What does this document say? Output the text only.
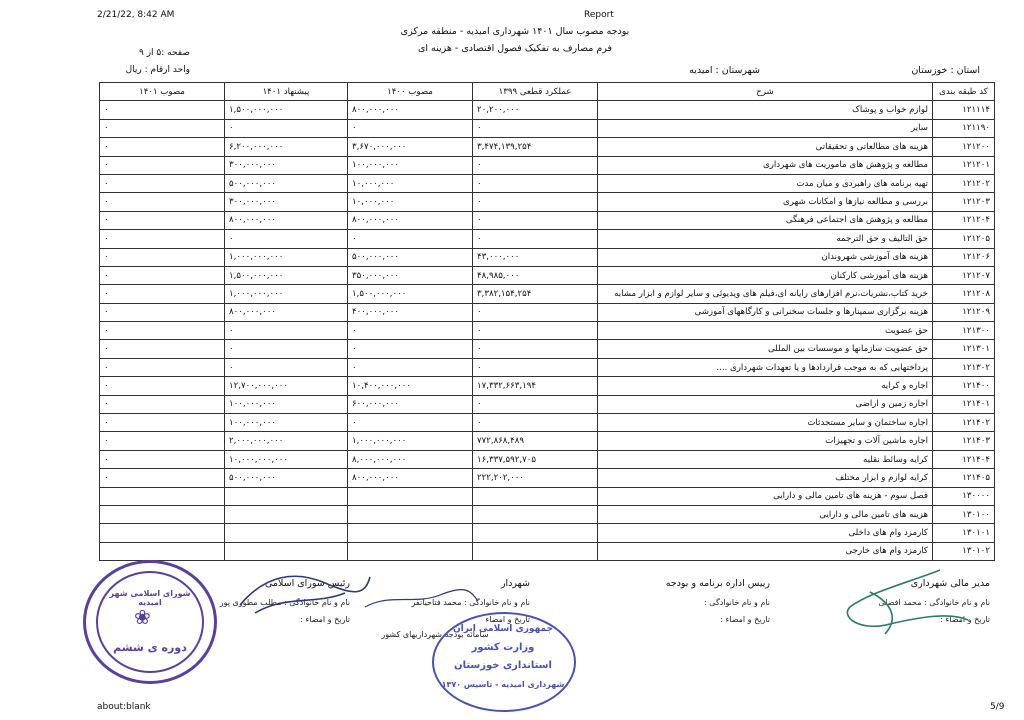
2/21/22, 8:42 AM	Report
بودجه مصوب سال ۱۴۰۱ شهرداری امیدیه - منطقه مرکزی
فرم مصارف به تفکیک فصول اقتصادی - هزینه ای
صفحه :۵ از ۹
واحد ارقام : ریال	استان : خوزستان
شهرستان : امیدیه
کد طبقه بندی	شرح	عملکرد قطعی ۱۳۹۹	مصوب ۱۴۰۰	پیشنهاد ۱۴۰۱	مصوب ۱۴۰۱
۱۲۱۱۱۴	لوازم خواب و پوشاک	۲۰,۲۰۰,۰۰۰	۸۰۰,۰۰۰,۰۰۰	۱,۵۰۰,۰۰۰,۰۰۰	۰
۱۲۱۱۹۰	سایر	۰	۰	۰	۰
۱۲۱۲۰۰	هزینه های مطالعاتی و تحقیقاتی	۳,۴۷۴,۱۳۹,۲۵۴	۳,۶۷۰,۰۰۰,۰۰۰	۶,۲۰۰,۰۰۰,۰۰۰	۰
۱۲۱۲۰۱	مطالعه و پژوهش های ماموریت های شهرداری	۰	۱۰۰,۰۰۰,۰۰۰	۳۰۰,۰۰۰,۰۰۰	۰
۱۲۱۲۰۲	تهیه برنامه های راهبردی و میان مدت	۰	۱۰,۰۰۰,۰۰۰	۵۰۰,۰۰۰,۰۰۰	۰
۱۲۱۲۰۳	بررسی و مطالعه نیازها و امکانات شهری	۰	۱۰,۰۰۰,۰۰۰	۳۰۰,۰۰۰,۰۰۰	۰
۱۲۱۲۰۴	مطالعه و پژوهش های اجتماعی فرهنگی	۰	۸۰۰,۰۰۰,۰۰۰	۸۰۰,۰۰۰,۰۰۰	۰
۱۲۱۲۰۵	حق التالیف و حق الترجمه	۰	۰	۰	۰
۱۲۱۲۰۶	هزینه های آموزشی شهروندان	۴۳,۰۰۰,۰۰۰	۵۰۰,۰۰۰,۰۰۰	۱,۰۰۰,۰۰۰,۰۰۰	۰
۱۲۱۲۰۷	هزینه های آموزشی کارکنان	۴۸,۹۸۵,۰۰۰	۳۵۰,۰۰۰,۰۰۰	۱,۵۰۰,۰۰۰,۰۰۰	۰
۱۲۱۲۰۸	خرید کتاب،نشریات،نرم افزارهای رایانه ای،فیلم های ویدیوئی و سایر لوازم و ابزار مشابه	۳,۳۸۲,۱۵۴,۲۵۴	۱,۵۰۰,۰۰۰,۰۰۰	۱,۰۰۰,۰۰۰,۰۰۰	۰
۱۲۱۲۰۹	هزینه برگزاری سمینارها و جلسات سخنرانی و کارگاههای آموزشی	۰	۴۰۰,۰۰۰,۰۰۰	۸۰۰,۰۰۰,۰۰۰	۰
۱۲۱۳۰۰	حق عضویت	۰	۰	۰	۰
۱۲۱۳۰۱	حق عضویت سازمانها و موسسات بین المللی	۰	۰	۰	۰
۱۲۱۳۰۲	پرداختهایی که به موجب قراردادها و یا تعهدات شهرداری ....	۰	۰	۰	۰
۱۲۱۴۰۰	اجاره و کرایه	۱۷,۳۳۲,۶۶۳,۱۹۴	۱۰,۴۰۰,۰۰۰,۰۰۰	۱۲,۷۰۰,۰۰۰,۰۰۰	۰
۱۲۱۴۰۱	اجاره زمین و اراضی	۰	۶۰۰,۰۰۰,۰۰۰	۱۰۰,۰۰۰,۰۰۰	۰
۱۲۱۴۰۲	اجاره ساختمان و سایر مستحدثات	۰	۰	۱۰۰,۰۰۰,۰۰۰	۰
۱۲۱۴۰۳	اجاره ماشین آلات و تجهیزات	۷۷۲,۸۶۸,۴۸۹	۱,۰۰۰,۰۰۰,۰۰۰	۲,۰۰۰,۰۰۰,۰۰۰	۰
۱۲۱۴۰۴	کرایه وسائط نقلیه	۱۶,۳۳۷,۵۹۲,۷۰۵	۸,۰۰۰,۰۰۰,۰۰۰	۱۰,۰۰۰,۰۰۰,۰۰۰	۰
۱۲۱۴۰۵	کرایه لوازم و ابزار مختلف	۲۲۲,۲۰۲,۰۰۰	۸۰۰,۰۰۰,۰۰۰	۵۰۰,۰۰۰,۰۰۰	۰
۱۳۰۰۰۰	فصل سوم - هزینه های تامین مالی و دارایی				
۱۳۰۱۰۰	هزینه های تامین مالی و دارایی				
۱۳۰۱۰۱	کارمزد وام های داخلی				
۱۳۰۱۰۲	کارمزد وام های خارجی				
مدیر مالی شهرداری
نام و نام خانوادگی : محمد افضلی
تاریخ و امضاء :
رییس اداره برنامه و بودجه
نام و نام خانوادگی :
تاریخ و امضاء :
شهردار
نام و نام خانوادگی : محمد فتاحیانفر
تاریخ و امضاء
رئیس شورای اسلامی
نام و نام خانوادگی : مطلب مطوری پور
تاریخ و امضاء :
سامانه بودجه شهرداریهای کشور
شورای اسلامی شهر امیدیه
❀
دوره ی ششم
جمهوری اسلامی ایران
وزارت کشور
استانداری خوزستان
شهرداری امیدیه - تاسیس ۱۳۷۰
about:blank	5/9
